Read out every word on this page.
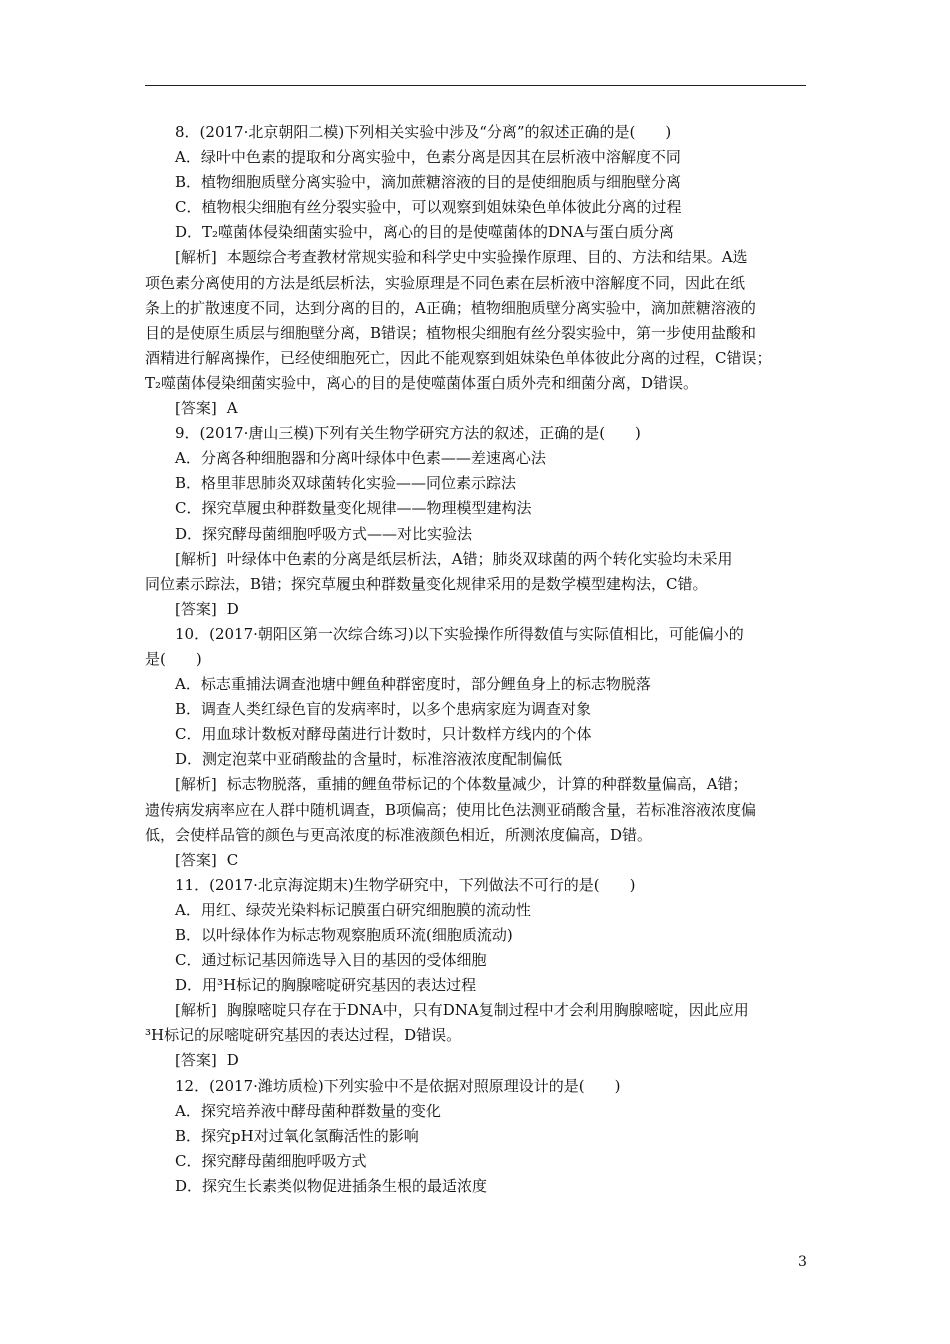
8．(2017·北京朝阳二模)下列相关实验中涉及“分离”的叙述正确的是(　　)
A．绿叶中色素的提取和分离实验中，色素分离是因其在层析液中溶解度不同
B．植物细胞质壁分离实验中，滴加蔗糖溶液的目的是使细胞质与细胞壁分离
C．植物根尖细胞有丝分裂实验中，可以观察到姐妹染色单体彼此分离的过程
D．T₂噬菌体侵染细菌实验中，离心的目的是使噬菌体的DNA与蛋白质分离
[解析] 本题综合考查教材常规实验和科学史中实验操作原理、目的、方法和结果。A选
项色素分离使用的方法是纸层析法，实验原理是不同色素在层析液中溶解度不同，因此在纸
条上的扩散速度不同，达到分离的目的，A正确；植物细胞质壁分离实验中，滴加蔗糖溶液的
目的是使原生质层与细胞壁分离，B错误；植物根尖细胞有丝分裂实验中，第一步使用盐酸和
酒精进行解离操作，已经使细胞死亡，因此不能观察到姐妹染色单体彼此分离的过程，C错误；
T₂噬菌体侵染细菌实验中，离心的目的是使噬菌体蛋白质外壳和细菌分离，D错误。
[答案] A
9．(2017·唐山三模)下列有关生物学研究方法的叙述，正确的是(　　)
A．分离各种细胞器和分离叶绿体中色素——差速离心法
B．格里菲思肺炎双球菌转化实验——同位素示踪法
C．探究草履虫种群数量变化规律——物理模型建构法
D．探究酵母菌细胞呼吸方式——对比实验法
[解析] 叶绿体中色素的分离是纸层析法，A错；肺炎双球菌的两个转化实验均未采用
同位素示踪法，B错；探究草履虫种群数量变化规律采用的是数学模型建构法，C错。
[答案] D
10．(2017·朝阳区第一次综合练习)以下实验操作所得数值与实际值相比，可能偏小的
是(　　)
A．标志重捕法调查池塘中鲤鱼种群密度时，部分鲤鱼身上的标志物脱落
B．调查人类红绿色盲的发病率时，以多个患病家庭为调查对象
C．用血球计数板对酵母菌进行计数时，只计数样方线内的个体
D．测定泡菜中亚硝酸盐的含量时，标准溶液浓度配制偏低
[解析] 标志物脱落，重捕的鲤鱼带标记的个体数量减少，计算的种群数量偏高，A错；
遗传病发病率应在人群中随机调查，B项偏高；使用比色法测亚硝酸含量，若标准溶液浓度偏
低，会使样品管的颜色与更高浓度的标准液颜色相近，所测浓度偏高，D错。
[答案] C
11．(2017·北京海淀期末)生物学研究中，下列做法不可行的是(　　)
A．用红、绿荧光染料标记膜蛋白研究细胞膜的流动性
B．以叶绿体作为标志物观察胞质环流(细胞质流动)
C．通过标记基因筛选导入目的基因的受体细胞
D．用³H标记的胸腺嘧啶研究基因的表达过程
[解析] 胸腺嘧啶只存在于DNA中，只有DNA复制过程中才会利用胸腺嘧啶，因此应用
³H标记的尿嘧啶研究基因的表达过程，D错误。
[答案] D
12．(2017·潍坊质检)下列实验中不是依据对照原理设计的是(　　)
A．探究培养液中酵母菌种群数量的变化
B．探究pH对过氧化氢酶活性的影响
C．探究酵母菌细胞呼吸方式
D．探究生长素类似物促进插条生根的最适浓度
3
